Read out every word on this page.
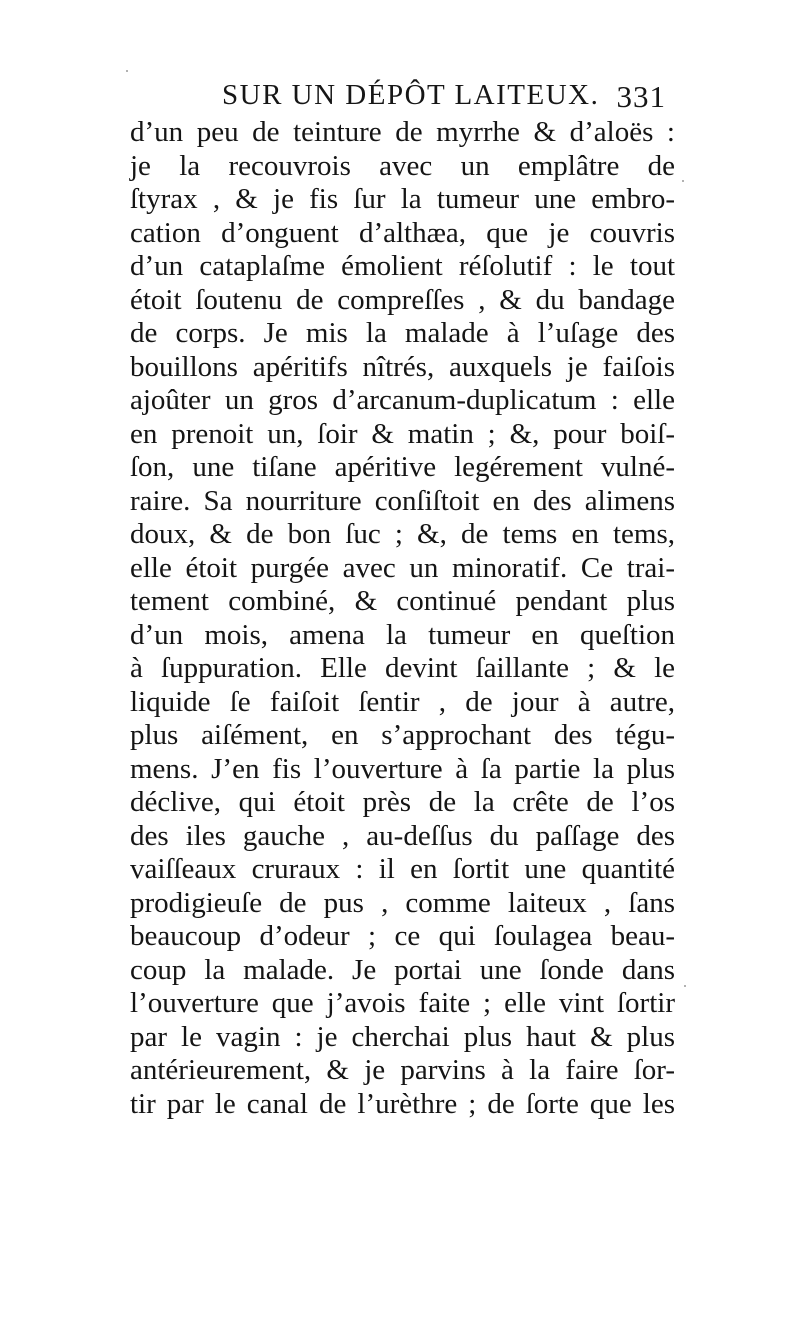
SUR UN DÉPÔT LAITEUX. 331
d’un peu de teinture de myrrhe & d’aloës :
je la recouvrois avec un emplâtre de
ſtyrax , & je fis ſur la tumeur une embro-
cation d’onguent d’althæa, que je couvris
d’un cataplaſme émolient réſolutif : le tout
étoit ſoutenu de compreſſes , & du bandage
de corps. Je mis la malade à l’uſage des
bouillons apéritifs nîtrés, auxquels je faiſois
ajoûter un gros d’arcanum-duplicatum : elle
en prenoit un, ſoir & matin ; &, pour boiſ-
ſon, une tiſane apéritive legérement vulné-
raire. Sa nourriture conſiſtoit en des alimens
doux, & de bon ſuc ; &, de tems en tems,
elle étoit purgée avec un minoratif. Ce trai-
tement combiné, & continué pendant plus
d’un mois, amena la tumeur en queſtion
à ſuppuration. Elle devint ſaillante ; & le
liquide ſe faiſoit ſentir , de jour à autre,
plus aiſément, en s’approchant des tégu-
mens. J’en fis l’ouverture à ſa partie la plus
déclive, qui étoit près de la crête de l’os
des iles gauche , au-deſſus du paſſage des
vaiſſeaux cruraux : il en ſortit une quantité
prodigieuſe de pus , comme laiteux , ſans
beaucoup d’odeur ; ce qui ſoulagea beau-
coup la malade. Je portai une ſonde dans
l’ouverture que j’avois faite ; elle vint ſortir
par le vagin : je cherchai plus haut & plus
antérieurement, & je parvins à la faire ſor-
tir par le canal de l’urèthre ; de ſorte que les
